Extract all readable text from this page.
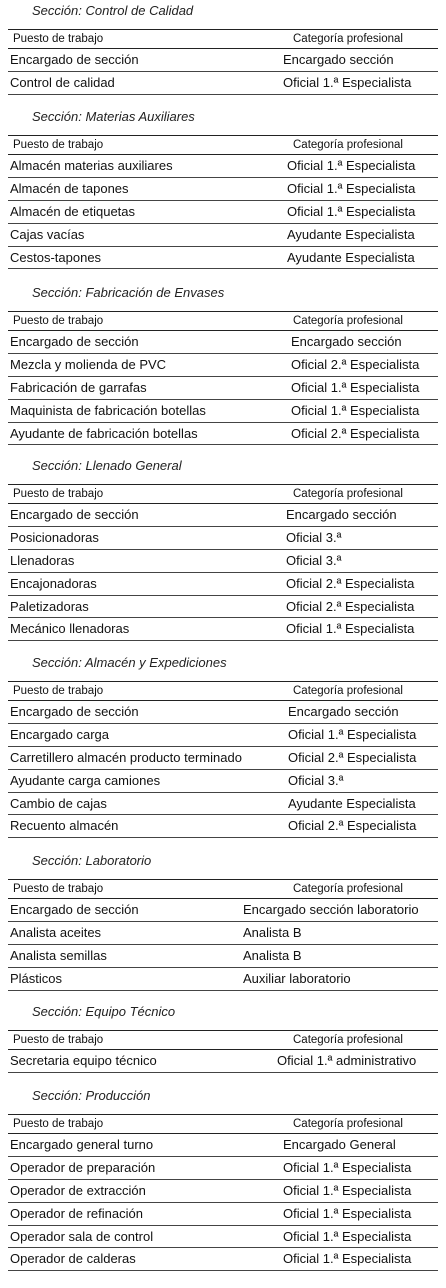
Sección: Control de Calidad
Puesto de trabajo	Categoría profesional
Encargado de sección	Encargado sección
Control de calidad	Oficial 1.ª Especialista
Sección: Materias Auxiliares
Puesto de trabajo	Categoría profesional
Almacén materias auxiliares	Oficial 1.ª Especialista
Almacén de tapones	Oficial 1.ª Especialista
Almacén de etiquetas	Oficial 1.ª Especialista
Cajas vacías	Ayudante Especialista
Cestos-tapones	Ayudante Especialista
Sección: Fabricación de Envases
Puesto de trabajo	Categoría profesional
Encargado de sección	Encargado sección
Mezcla y molienda de PVC	Oficial 2.ª Especialista
Fabricación de garrafas	Oficial 1.ª Especialista
Maquinista de fabricación botellas	Oficial 1.ª Especialista
Ayudante de fabricación botellas	Oficial 2.ª Especialista
Sección: Llenado General
Puesto de trabajo	Categoría profesional
Encargado de sección	Encargado sección
Posicionadoras	Oficial 3.ª
Llenadoras	Oficial 3.ª
Encajonadoras	Oficial 2.ª Especialista
Paletizadoras	Oficial 2.ª Especialista
Mecánico llenadoras	Oficial 1.ª Especialista
Sección: Almacén y Expediciones
Puesto de trabajo	Categoría profesional
Encargado de sección	Encargado sección
Encargado carga	Oficial 1.ª Especialista
Carretillero almacén producto terminado	Oficial 2.ª Especialista
Ayudante carga camiones	Oficial 3.ª
Cambio de cajas	Ayudante Especialista
Recuento almacén	Oficial 2.ª Especialista
Sección: Laboratorio
Puesto de trabajo	Categoría profesional
Encargado de sección	Encargado sección laboratorio
Analista aceites	Analista B
Analista semillas	Analista B
Plásticos	Auxiliar laboratorio
Sección: Equipo Técnico
Puesto de trabajo	Categoría profesional
Secretaria equipo técnico	Oficial 1.ª administrativo
Sección: Producción
Puesto de trabajo	Categoría profesional
Encargado general turno	Encargado General
Operador de preparación	Oficial 1.ª Especialista
Operador de extracción	Oficial 1.ª Especialista
Operador de refinación	Oficial 1.ª Especialista
Operador sala de control	Oficial 1.ª Especialista
Operador de calderas	Oficial 1.ª Especialista
